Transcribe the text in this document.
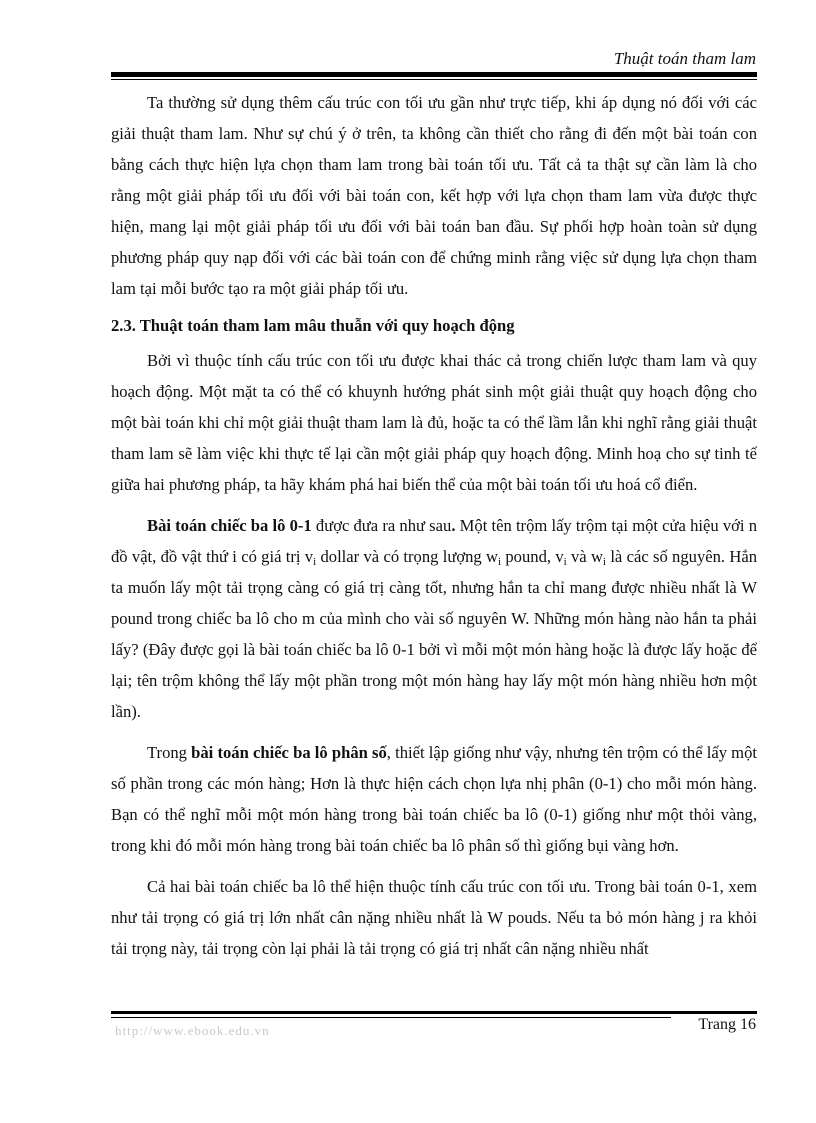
Thuật toán tham lam

Ta thường sử dụng thêm cấu trúc con tối ưu gần như trực tiếp, khi áp dụng nó đối với các giải thuật tham lam. Như sự chú ý ở trên, ta không cần thiết cho rằng đi đến một bài toán con bằng cách thực hiện lựa chọn tham lam trong bài toán tối ưu. Tất cả ta thật sự cần làm là cho rằng một giải pháp tối ưu đối với bài toán con, kết hợp với lựa chọn tham lam vừa được thực hiện, mang lại một giải pháp tối ưu đối với bài toán ban đầu. Sự phối hợp hoàn toàn sử dụng phương pháp quy nạp đối với các bài toán con để chứng minh rằng việc sử dụng lựa chọn tham lam tại mỗi bước tạo ra một giải pháp tối ưu.

2.3. Thuật toán tham lam mâu thuẫn với quy hoạch động

Bởi vì thuộc tính cấu trúc con tối ưu được khai thác cả trong chiến lược tham lam và quy hoạch động. Một mặt ta có thể có khuynh hướng phát sinh một giải thuật quy hoạch động cho một bài toán khi chỉ một giải thuật tham lam là đủ, hoặc ta có thể lầm lẫn khi nghĩ rằng giải thuật tham lam sẽ làm việc khi thực tế lại cần một giải pháp quy hoạch động. Minh hoạ cho sự tinh tế giữa hai phương pháp, ta hãy khám phá hai biến thể của một bài toán tối ưu hoá cổ điển.

Bài toán chiếc ba lô 0-1 được đưa ra như sau. Một tên trộm lấy trộm tại một cửa hiệu với n đồ vật, đồ vật thứ i có giá trị $v_i$ dollar và có trọng lượng $w_i$ pound, $v_i$ và $w_i$ là các số nguyên. Hắn ta muốn lấy một tải trọng càng có giá trị càng tốt, nhưng hắn ta chỉ mang được nhiều nhất là W pound trong chiếc ba lô cho m của mình cho vài số nguyên W. Những món hàng nào hắn ta phải lấy? (Đây được gọi là bài toán chiếc ba lô 0-1 bởi vì mỗi một món hàng hoặc là được lấy hoặc để lại; tên trộm không thể lấy một phần trong một món hàng hay lấy một món hàng nhiều hơn một lần).

Trong bài toán chiếc ba lô phân số, thiết lập giống như vậy, nhưng tên trộm có thể lấy một số phần trong các món hàng; Hơn là thực hiện cách chọn lựa nhị phân (0-1) cho mỗi món hàng. Bạn có thể nghĩ mỗi một món hàng trong bài toán chiếc ba lô (0-1) giống như một thỏi vàng, trong khi đó mỗi món hàng trong bài toán chiếc ba lô phân số thì giống bụi vàng hơn.

Cả hai bài toán chiếc ba lô thể hiện thuộc tính cấu trúc con tối ưu. Trong bài toán 0-1, xem như tải trọng có giá trị lớn nhất cân nặng nhiều nhất là W pouds. Nếu ta bỏ món hàng j ra khỏi tải trọng này, tải trọng còn lại phải là tải trọng có giá trị nhất cân nặng nhiều nhất

http://www.ebook.edu.vn	Trang 16
